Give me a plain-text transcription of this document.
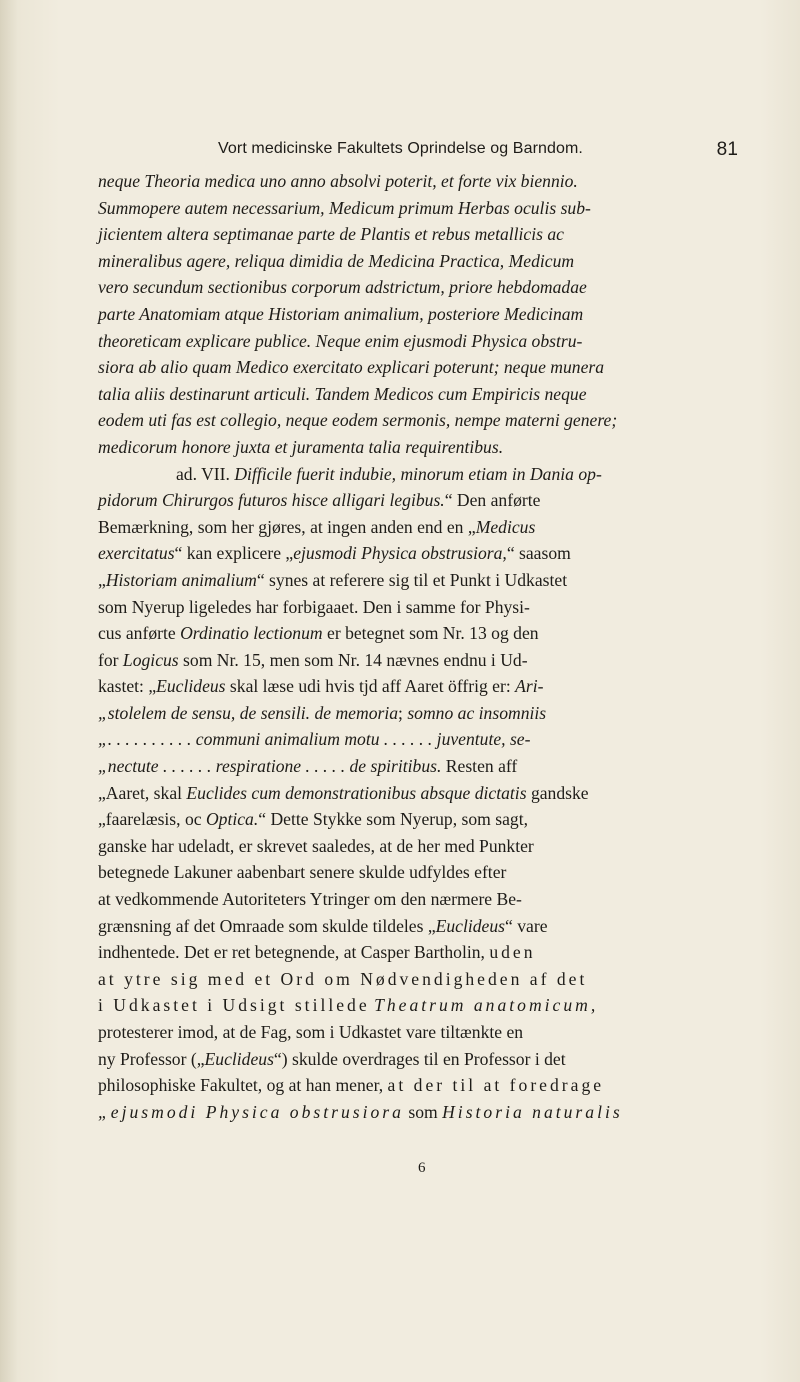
Vort medicinske Fakultets Oprindelse og Barndom.	81

neque Theoria medica uno anno absolvi poterit, et forte vix biennio.

Summopere autem necessarium, Medicum primum Herbas oculis sub-

jicientem altera septimanae parte de Plantis et rebus metallicis ac

mineralibus agere, reliqua dimidia de Medicina Practica, Medicum

vero secundum sectionibus corporum adstrictum, priore hebdomadae

parte Anatomiam atque Historiam animalium, posteriore Medicinam

theoreticam explicare publice. Neque enim ejusmodi Physica obstru-

siora ab alio quam Medico exercitato explicari poterunt; neque munera

talia aliis destinarunt articuli. Tandem Medicos cum Empiricis neque

eodem uti fas est collegio, neque eodem sermonis, nempe materni genere;

medicorum honore juxta et juramenta talia requirentibus.

ad. VII. Difficile fuerit indubie, minorum etiam in Dania op-

pidorum Chirurgos futuros hisce alligari legibus.“ Den anførte

Bemærkning, som her gjøres, at ingen anden end en „Medicus

exercitatus“ kan explicere „ejusmodi Physica obstrusiora,“ saasom

„Historiam animalium“ synes at referere sig til et Punkt i Udkastet

som Nyerup ligeledes har forbigaaet. Den i samme for Physi-

cus anførte Ordinatio lectionum er betegnet som Nr. 13 og den

for Logicus som Nr. 15, men som Nr. 14 nævnes endnu i Ud-

kastet: „Euclideus skal læse udi hvis tjd aff Aaret öffrig er: Ari-

„stolelem de sensu, de sensili. de memoria; somno ac insomniis

„. . . . . . . . . . communi animalium motu . . . . . . juventute, se-

„nectute . . . . . . respiratione . . . . . de spiritibus. Resten aff

„Aaret, skal Euclides cum demonstrationibus absque dictatis gandske

„faarelæsis, oc Optica.“ Dette Stykke som Nyerup, som sagt,

ganske har udeladt, er skrevet saaledes, at de her med Punkter

betegnede Lakuner aabenbart senere skulde udfyldes efter

at vedkommende Autoriteters Ytringer om den nærmere Be-

grænsning af det Omraade som skulde tildeles „Euclideus“ vare

indhentede. Det er ret betegnende, at Casper Bartholin, uden

at ytre sig med et Ord om Nødvendigheden af det

i Udkastet i Udsigt stillede Theatrum anatomicum,

protesterer imod, at de Fag, som i Udkastet vare tiltænkte en

ny Professor („Euclideus“) skulde overdrages til en Professor i det

philosophiske Fakultet, og at han mener, at der til at foredrage

„ejusmodi Physica obstrusiora som Historia naturalis

6
